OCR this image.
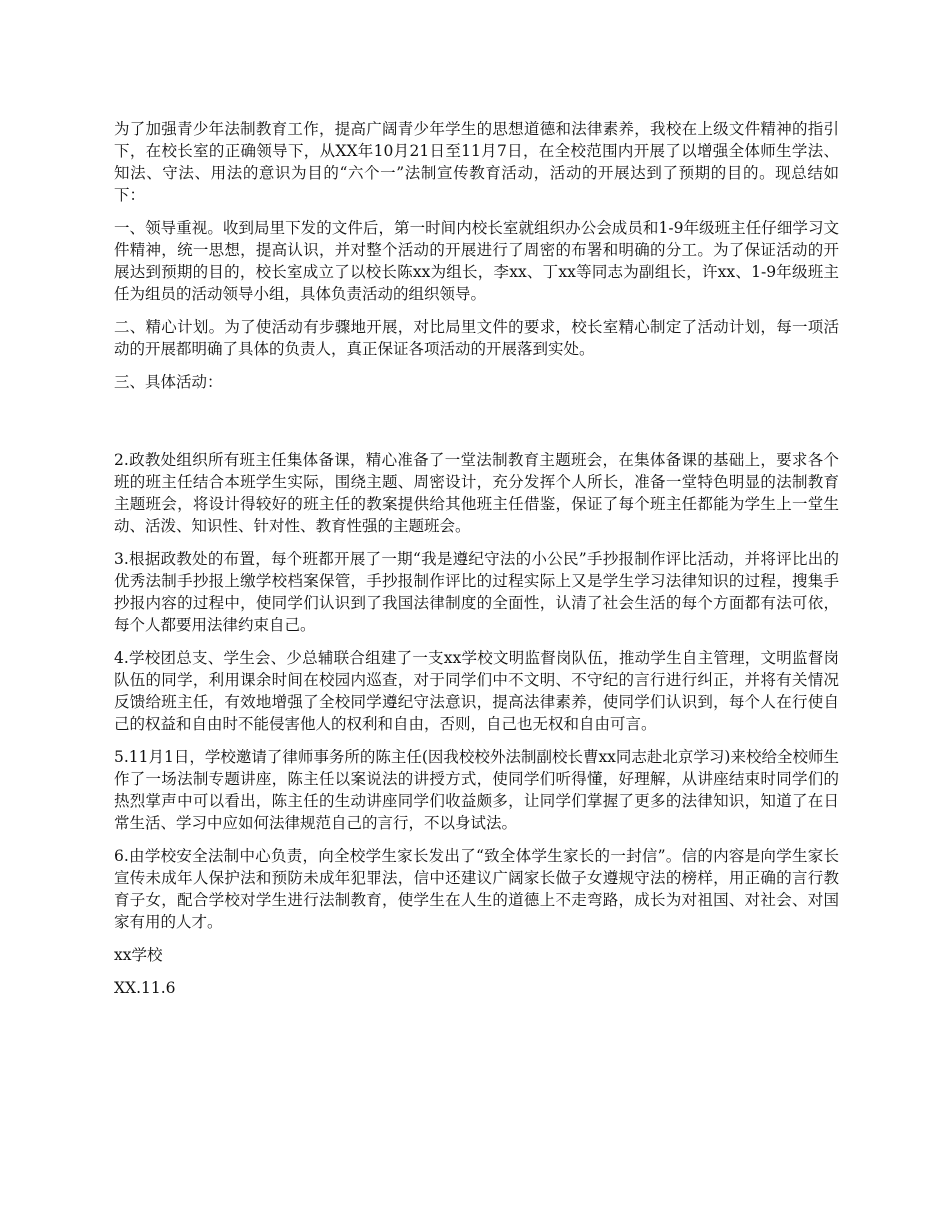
为了加强青少年法制教育工作，提高广阔青少年学生的思想道德和法律素养，我校在上级文件精神的指引下，在校长室的正确领导下，从XX年10月21日至11月7日，在全校范围内开展了以增强全体师生学法、知法、守法、用法的意识为目的“六个一”法制宣传教育活动，活动的开展达到了预期的目的。现总结如下：

一、领导重视。收到局里下发的文件后，第一时间内校长室就组织办公会成员和1-9年级班主任仔细学习文件精神，统一思想，提高认识，并对整个活动的开展进行了周密的布署和明确的分工。为了保证活动的开展达到预期的目的，校长室成立了以校长陈xx为组长，李xx、丁xx等同志为副组长，许xx、1-9年级班主任为组员的活动领导小组，具体负责活动的组织领导。

二、精心计划。为了使活动有步骤地开展，对比局里文件的要求，校长室精心制定了活动计划，每一项活动的开展都明确了具体的负责人，真正保证各项活动的开展落到实处。

三、具体活动：

2.政教处组织所有班主任集体备课，精心准备了一堂法制教育主题班会，在集体备课的基础上，要求各个班的班主任结合本班学生实际，围绕主题、周密设计，充分发挥个人所长，准备一堂特色明显的法制教育主题班会，将设计得较好的班主任的教案提供给其他班主任借鉴，保证了每个班主任都能为学生上一堂生动、活泼、知识性、针对性、教育性强的主题班会。

3.根据政教处的布置，每个班都开展了一期“我是遵纪守法的小公民”手抄报制作评比活动，并将评比出的优秀法制手抄报上缴学校档案保管，手抄报制作评比的过程实际上又是学生学习法律知识的过程，搜集手抄报内容的过程中，使同学们认识到了我国法律制度的全面性，认清了社会生活的每个方面都有法可依，每个人都要用法律约束自己。

4.学校团总支、学生会、少总辅联合组建了一支xx学校文明监督岗队伍，推动学生自主管理，文明监督岗队伍的同学，利用课余时间在校园内巡查，对于同学们中不文明、不守纪的言行进行纠正，并将有关情况反馈给班主任，有效地增强了全校同学遵纪守法意识，提高法律素养，使同学们认识到，每个人在行使自己的权益和自由时不能侵害他人的权利和自由，否则，自己也无权和自由可言。

5.11月1日，学校邀请了律师事务所的陈主任(因我校校外法制副校长曹xx同志赴北京学习)来校给全校师生作了一场法制专题讲座，陈主任以案说法的讲授方式，使同学们听得懂，好理解，从讲座结束时同学们的热烈掌声中可以看出，陈主任的生动讲座同学们收益颇多，让同学们掌握了更多的法律知识，知道了在日常生活、学习中应如何法律规范自己的言行，不以身试法。

6.由学校安全法制中心负责，向全校学生家长发出了“致全体学生家长的一封信”。信的内容是向学生家长宣传未成年人保护法和预防未成年犯罪法，信中还建议广阔家长做子女遵规守法的榜样，用正确的言行教育子女，配合学校对学生进行法制教育，使学生在人生的道德上不走弯路，成长为对祖国、对社会、对国家有用的人才。

xx学校

XX.11.6
